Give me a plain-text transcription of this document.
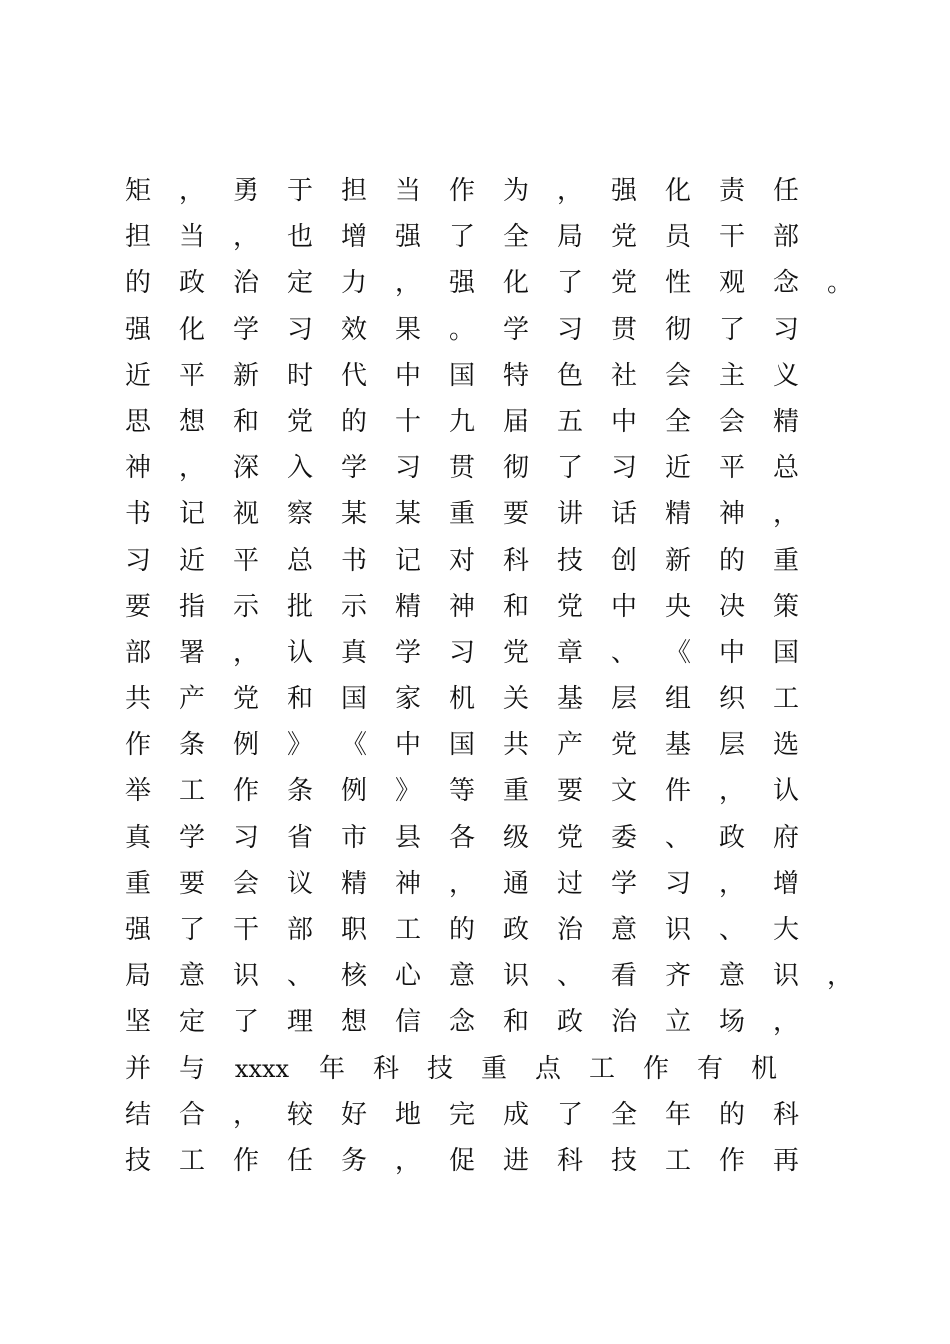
矩 ， 勇 于 担 当 作 为 ， 强 化 责 任
担 当 ， 也 增 强 了 全 局 党 员 干 部
的 政 治 定 力 ， 强 化 了 党 性 观 念 。
强 化 学 习 效 果 。 学 习 贯 彻 了 习
近 平 新 时 代 中 国 特 色 社 会 主 义
思 想 和 党 的 十 九 届 五 中 全 会 精
神 ， 深 入 学 习 贯 彻 了 习 近 平 总
书 记 视 察 某 某 重 要 讲 话 精 神 ，
习 近 平 总 书 记 对 科 技 创 新 的 重
要 指 示 批 示 精 神 和 党 中 央 决 策
部 署 ， 认 真 学 习 党 章 、 《 中 国
共 产 党 和 国 家 机 关 基 层 组 织 工
作 条 例 》 《 中 国 共 产 党 基 层 选
举 工 作 条 例 》 等 重 要 文 件 ， 认
真 学 习 省 市 县 各 级 党 委 、 政 府
重 要 会 议 精 神 ， 通 过 学 习 ， 增
强 了 干 部 职 工 的 政 治 意 识 、 大
局 意 识 、 核 心 意 识 、 看 齐 意 识 ，
坚 定 了 理 想 信 念 和 政 治 立 场 ，
并 与 xxxx 年 科 技 重 点 工 作 有 机
结 合 ， 较 好 地 完 成 了 全 年 的 科
技 工 作 任 务 ， 促 进 科 技 工 作 再
